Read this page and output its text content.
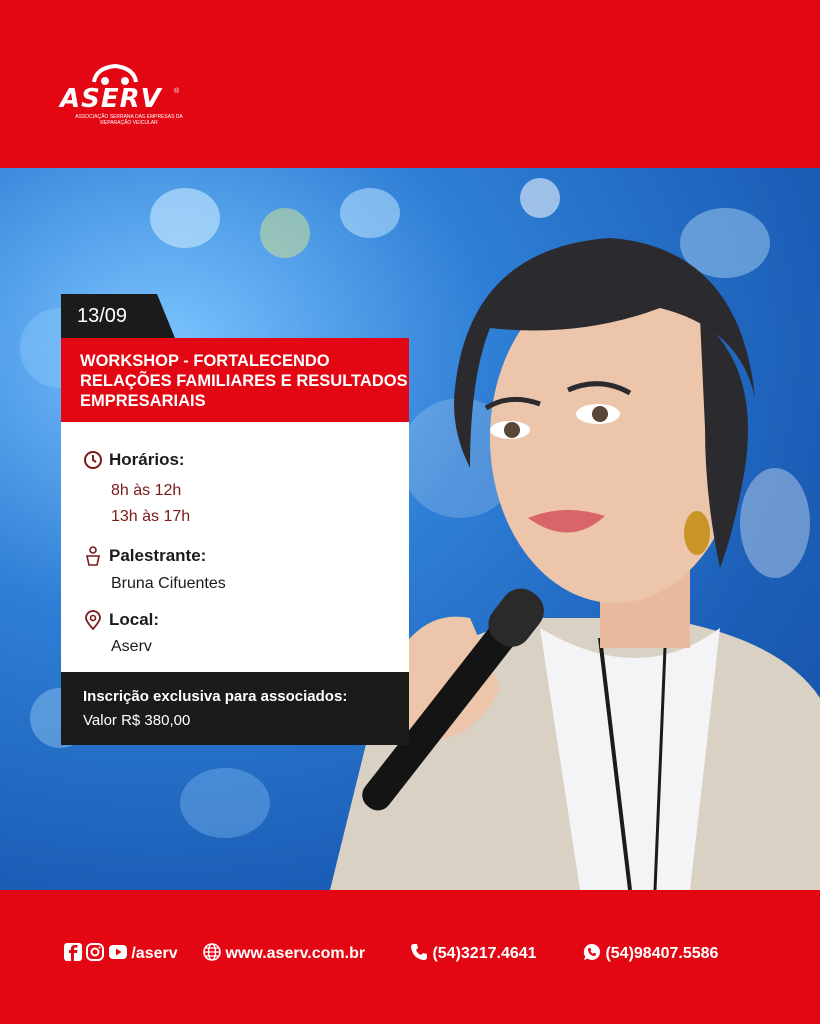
ASERV ®
ASSOCIAÇÃO SERRANA DAS EMPRESAS DA REPARAÇÃO VEICULAR
13/09
WORKSHOP - FORTALECENDO RELAÇÕES FAMILIARES E RESULTADOS EMPRESARIAIS
Horários:
8h às 12h
13h às 17h
Palestrante:
Bruna Cifuentes
Local:
Aserv
Inscrição exclusiva para associados:
Valor R$ 380,00
/aserv	www.aserv.com.br	(54)3217.4641	(54)98407.5586
